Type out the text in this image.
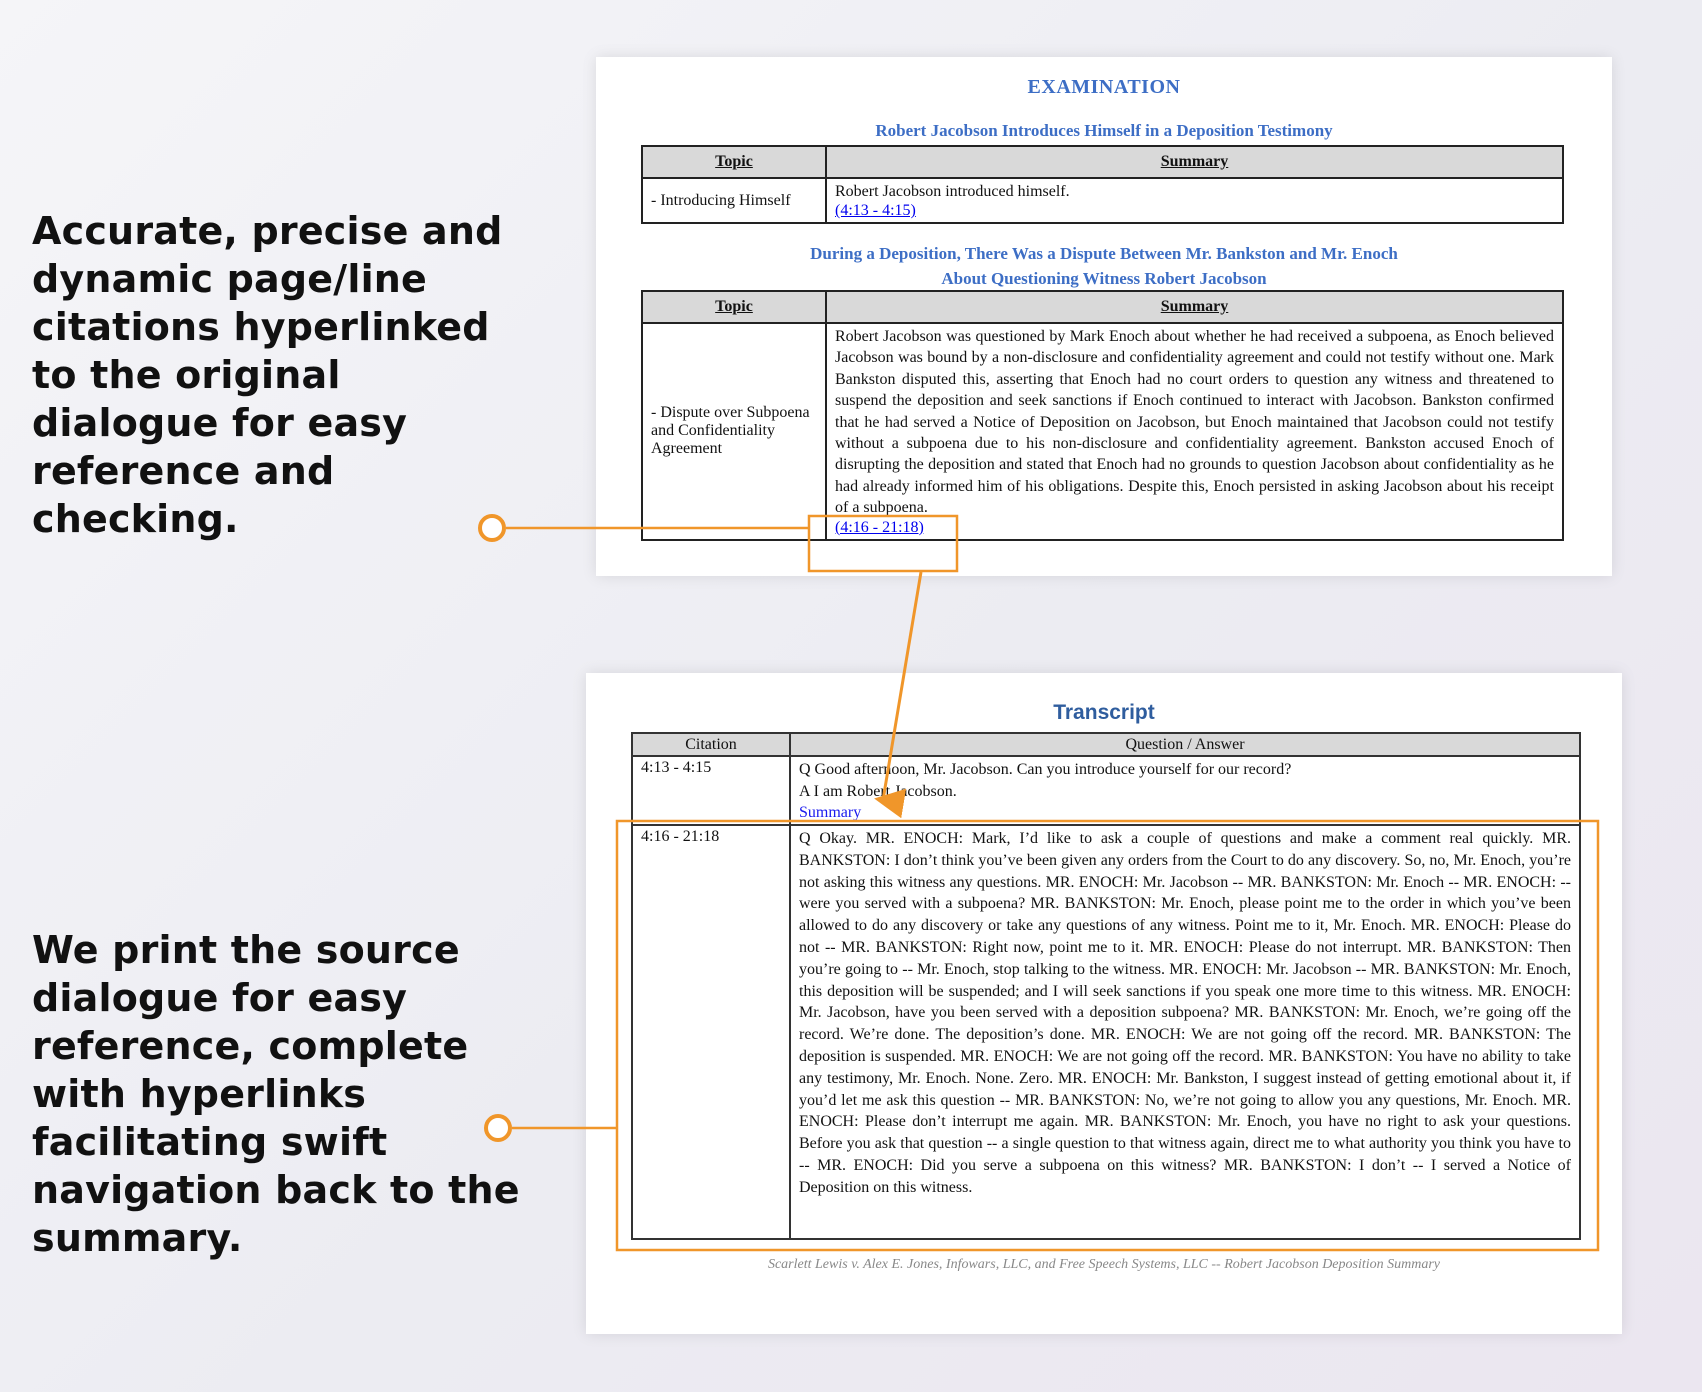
Accurate, precise and dynamic page/line citations hyperlinked to the original dialogue for easy reference and checking.

We print the source dialogue for easy reference, complete with hyperlinks facilitating swift navigation back to the summary.

EXAMINATION

Robert Jacobson Introduces Himself in a Deposition Testimony

Topic	Summary
- Introducing Himself	Robert Jacobson introduced himself.
(4:13 - 4:15)

During a Deposition, There Was a Dispute Between Mr. Bankston and Mr. Enoch About Questioning Witness Robert Jacobson

Topic	Summary
- Dispute over Subpoena and Confidentiality Agreement	Robert Jacobson was questioned by Mark Enoch about whether he had received a subpoena, as Enoch believed Jacobson was bound by a non-disclosure and confidentiality agreement and could not testify without one. Mark Bankston disputed this, asserting that Enoch had no court orders to question any witness and threatened to suspend the deposition and seek sanctions if Enoch continued to interact with Jacobson. Bankston confirmed that he had served a Notice of Deposition on Jacobson, but Enoch maintained that Jacobson could not testify without a subpoena due to his non-disclosure and confidentiality agreement. Bankston accused Enoch of disrupting the deposition and stated that Enoch had no grounds to question Jacobson about confidentiality as he had already informed him of his obligations. Despite this, Enoch persisted in asking Jacobson about his receipt of a subpoena.
(4:16 - 21:18)

Transcript

Citation	Question / Answer
4:13 - 4:15	Q Good afternoon, Mr. Jacobson. Can you introduce yourself for our record?
A I am Robert Jacobson.
Summary

4:16 - 21:18	Q Okay. MR. ENOCH: Mark, I’d like to ask a couple of questions and make a comment real quickly. MR. BANKSTON: I don’t think you’ve been given any orders from the Court to do any discovery. So, no, Mr. Enoch, you’re not asking this witness any questions. MR. ENOCH: Mr. Jacobson -- MR. BANKSTON: Mr. Enoch -- MR. ENOCH: -- were you served with a subpoena? MR. BANKSTON: Mr. Enoch, please point me to the order in which you’ve been allowed to do any discovery or take any questions of any witness. Point me to it, Mr. Enoch. MR. ENOCH: Please do not -- MR. BANKSTON: Right now, point me to it. MR. ENOCH: Please do not interrupt. MR. BANKSTON: Then you’re going to -- Mr. Enoch, stop talking to the witness. MR. ENOCH: Mr. Jacobson -- MR. BANKSTON: Mr. Enoch, this deposition will be suspended; and I will seek sanctions if you speak one more time to this witness. MR. ENOCH: Mr. Jacobson, have you been served with a deposition subpoena? MR. BANKSTON: Mr. Enoch, we’re going off the record. We’re done. The deposition’s done. MR. ENOCH: We are not going off the record. MR. BANKSTON: The deposition is suspended. MR. ENOCH: We are not going off the record. MR. BANKSTON: You have no ability to take any testimony, Mr. Enoch. None. Zero. MR. ENOCH: Mr. Bankston, I suggest instead of getting emotional about it, if you’d let me ask this question -- MR. BANKSTON: No, we’re not going to allow you any questions, Mr. Enoch. MR. ENOCH: Please don’t interrupt me again. MR. BANKSTON: Mr. Enoch, you have no right to ask your questions. Before you ask that question -- a single question to that witness again, direct me to what authority you think you have to -- MR. ENOCH: Did you serve a subpoena on this witness? MR. BANKSTON: I don’t -- I served a Notice of Deposition on this witness.

Scarlett Lewis v. Alex E. Jones, Infowars, LLC, and Free Speech Systems, LLC -- Robert Jacobson Deposition Summary
